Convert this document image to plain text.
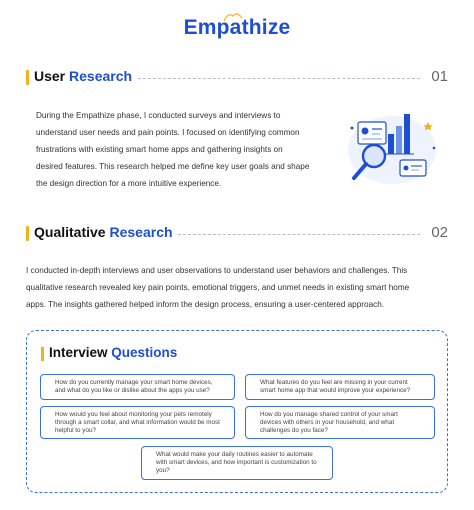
Empathize
User Research	01
During the Empathize phase, I conducted surveys and interviews to
understand user needs and pain points. I focused on identifying common
frustrations with existing smart home apps and gathering insights on
desired features. This research helped me define key user goals and shape
the design direction for a more intuitive experience.
Qualitative Research	02
I conducted in-depth interviews and user observations to understand user behaviors and challenges. This
qualitative research revealed key pain points, emotional triggers, and unmet needs in existing smart home
apps. The insights gathered helped inform the design process, ensuring a user-centered approach.
Interview Questions
How do you currently manage your smart home devices, and what do you like or dislike about the apps you use?
What features do you feel are missing in your current smart home app that would improve your experience?
How would you feel about monitoring your pets remotely through a smart collar, and what information would be most helpful to you?
How do you manage shared control of your smart devices with others in your household, and what challenges do you face?
What would make your daily routines easier to automate with smart devices, and how important is customization to you?
